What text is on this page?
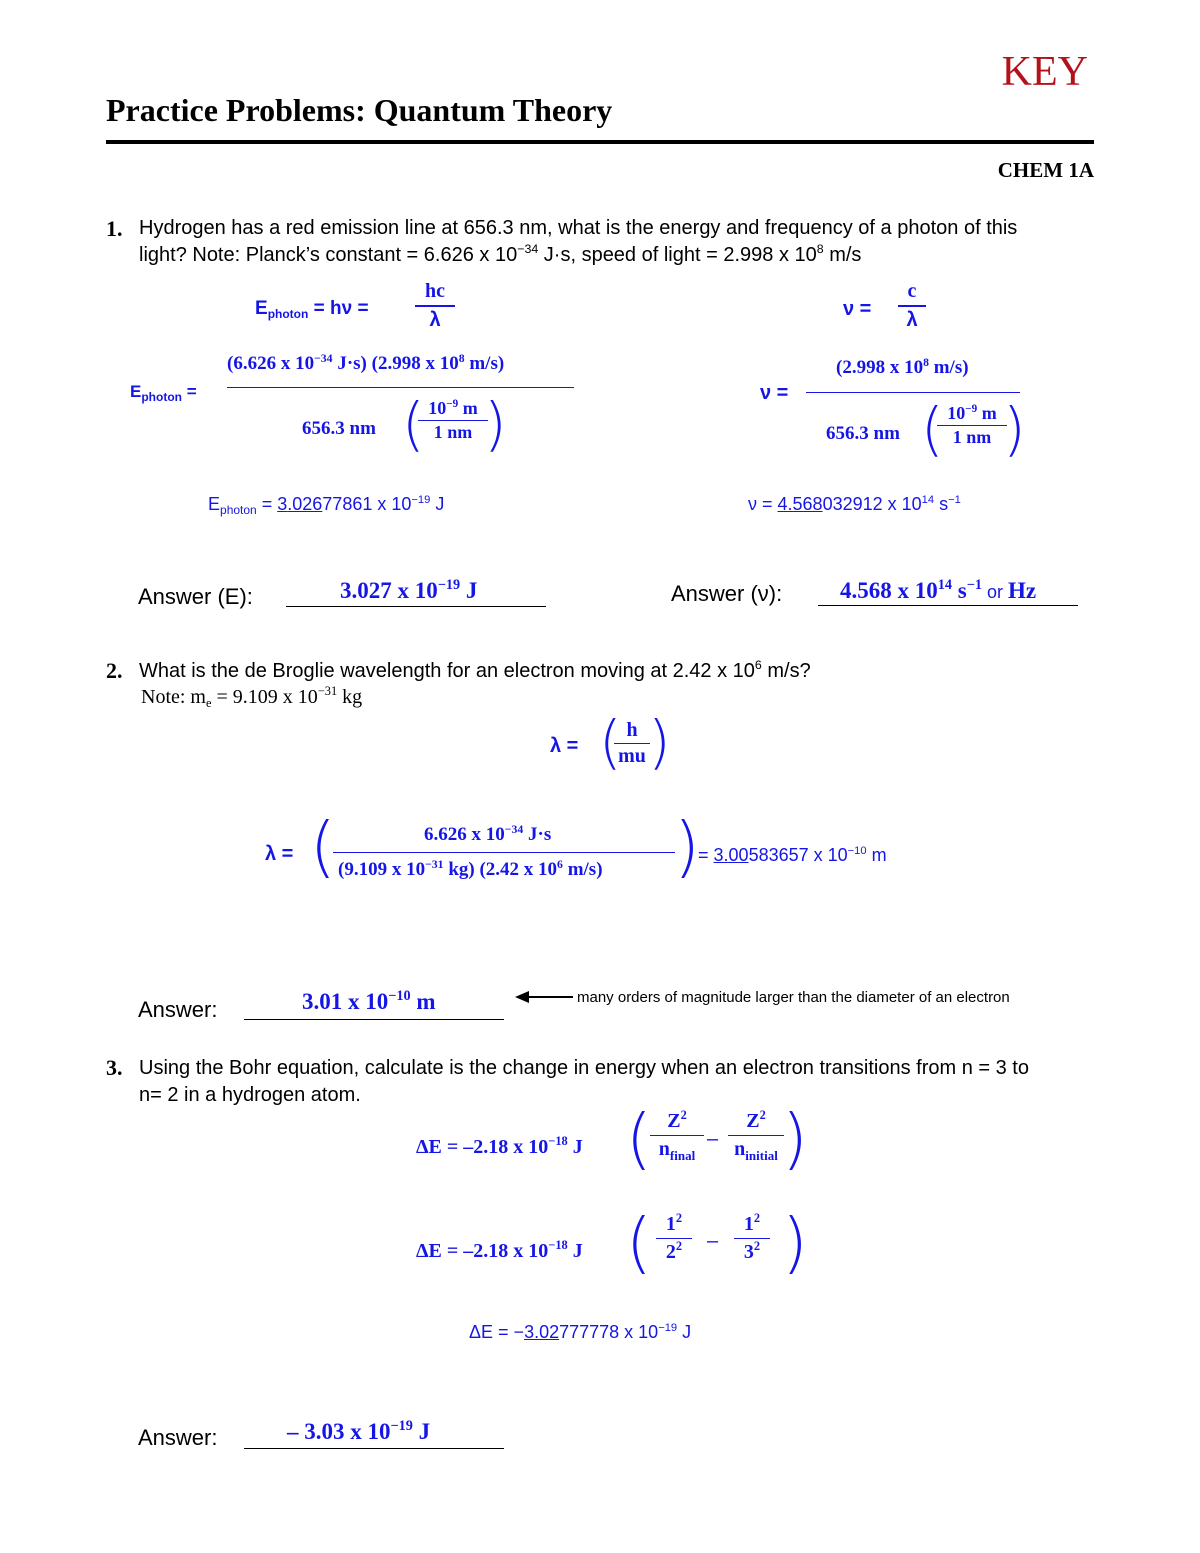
KEY
Practice Problems: Quantum Theory
CHEM 1A
1. Hydrogen has a red emission line at 656.3 nm, what is the energy and frequency of a photon of this
light? Note: Planck’s constant = 6.626 x $10^{-34}$ J·s, speed of light = 2.998 x $10^8$ m/s
$E_{photon} = h\nu$ =
hc
λ	ν =
c
λ
$E_{photon}$ =
(6.626 x $10^{-34}$ J·s) (2.998 x $10^8$ m/s)
656.3 nm ( $10^{-9}$ m
1 nm )	ν =
(2.998 x $10^8$ m/s)
656.3 nm ( $10^{-9}$ m
1 nm )
$E_{photon} = 3.02677861$ x $10^{-19}$ J	ν = 4.568032912 x $10^{14}$ $s^{-1}$
Answer (E):	3.027 x $10^{-19}$ J	Answer (ν):	4.568 x $10^{14}$ $s^{-1}$ or Hz
2. What is the de Broglie wavelength for an electron moving at 2.42 x $10^6$ m/s?
Note: $m_e = 9.109$ x $10^{-31}$ kg
λ = ( h
mu )
λ = (	6.626 x $10^{-34}$ J·s
(9.109 x $10^{-31}$ kg) (2.42 x $10^6$ m/s) )
= 3.00583657 x $10^{-10}$ m
Answer:	3.01 x $10^{-10}$ m	many orders of magnitude larger than the diameter of an electron
3. Using the Bohr equation, calculate is the change in energy when an electron transitions from n = 3 to
n= 2 in a hydrogen atom.
ΔE = –2.18 x $10^{-18}$ J ( $Z^2$
$n_{final}$
–
$Z^2$
$n_{initial}$ )
ΔE = –2.18 x $10^{-18}$ J ( $1^2$
$2^2$	–
$1^2$
$3^2$ )
ΔE = −3.02777778 x $10^{-19}$ J
Answer:	– 3.03 x $10^{-19}$ J
